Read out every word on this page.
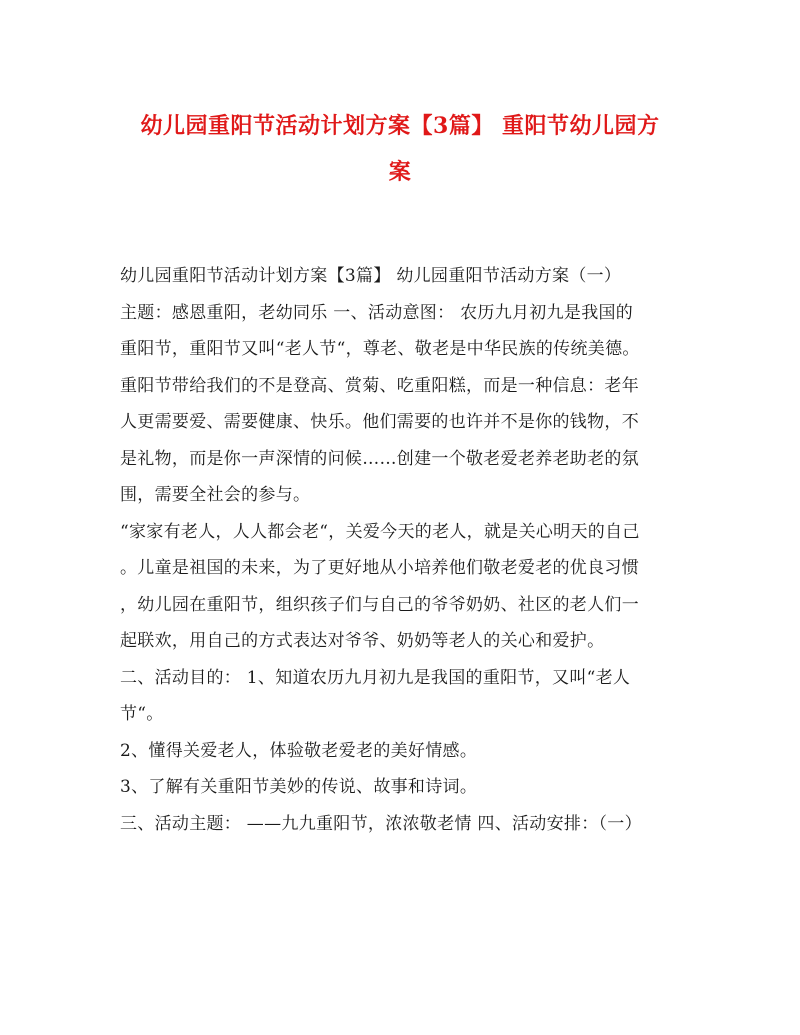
幼儿园重阳节活动计划方案【3篇】 重阳节幼儿园方
案
幼儿园重阳节活动计划方案【3篇】 幼儿园重阳节活动方案（一）
主题：感恩重阳，老幼同乐 一、活动意图： 农历九月初九是我国的
重阳节，重阳节又叫“老人节“，尊老、敬老是中华民族的传统美德。
重阳节带给我们的不是登高、赏菊、吃重阳糕，而是一种信息：老年
人更需要爱、需要健康、快乐。他们需要的也许并不是你的钱物，不
是礼物，而是你一声深情的问候……创建一个敬老爱老养老助老的氛
围，需要全社会的参与。
“家家有老人，人人都会老“，关爱今天的老人，就是关心明天的自己
。儿童是祖国的未来，为了更好地从小培养他们敬老爱老的优良习惯
，幼儿园在重阳节，组织孩子们与自己的爷爷奶奶、社区的老人们一
起联欢，用自己的方式表达对爷爷、奶奶等老人的关心和爱护。
二、活动目的： 1、知道农历九月初九是我国的重阳节，又叫“老人
节“。
2、懂得关爱老人，体验敬老爱老的美好情感。
3、了解有关重阳节美妙的传说、故事和诗词。
三、活动主题： ——九九重阳节，浓浓敬老情 四、活动安排：（一）
